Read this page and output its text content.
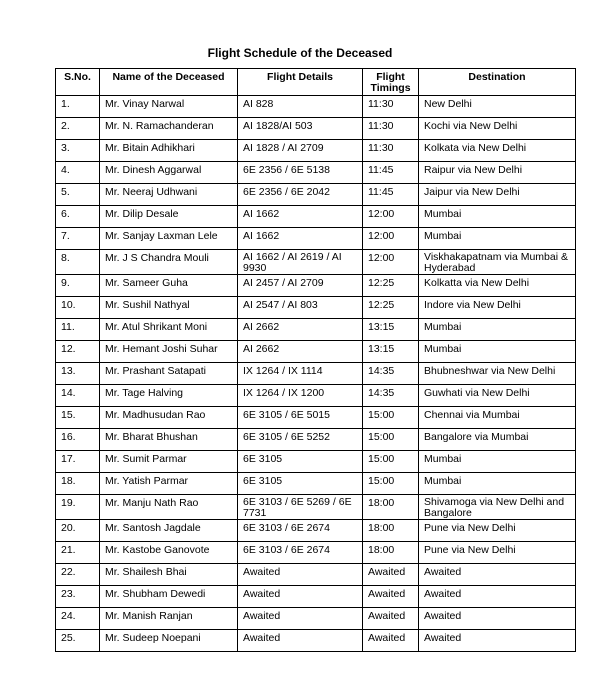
Flight Schedule of the Deceased
S.No.	Name of the Deceased	Flight Details	Flight Timings	Destination
1.	Mr. Vinay Narwal	AI 828	11:30	New Delhi
2.	Mr. N. Ramachanderan	AI 1828/AI 503	11:30	Kochi via New Delhi
3.	Mr. Bitain Adhikhari	AI 1828 / AI 2709	11:30	Kolkata via New Delhi
4.	Mr. Dinesh Aggarwal	6E 2356 / 6E 5138	11:45	Raipur via New Delhi
5.	Mr. Neeraj Udhwani	6E 2356 / 6E 2042	11:45	Jaipur via New Delhi
6.	Mr. Dilip Desale	AI 1662	12:00	Mumbai
7.	Mr. Sanjay Laxman Lele	AI 1662	12:00	Mumbai
8.	Mr. J S Chandra Mouli	AI 1662 / AI 2619 / AI 9930	12:00	Viskhakapatnam via Mumbai & Hyderabad
9.	Mr. Sameer Guha	AI 2457 / AI 2709	12:25	Kolkatta via New Delhi
10.	Mr. Sushil Nathyal	AI 2547 / AI 803	12:25	Indore via New Delhi
11.	Mr. Atul Shrikant Moni	AI 2662	13:15	Mumbai
12.	Mr. Hemant Joshi Suhar	AI 2662	13:15	Mumbai
13.	Mr. Prashant Satapati	IX 1264 / IX 1114	14:35	Bhubneshwar via New Delhi
14.	Mr. Tage Halving	IX 1264 / IX 1200	14:35	Guwhati via New Delhi
15.	Mr. Madhusudan Rao	6E 3105 / 6E 5015	15:00	Chennai via Mumbai
16.	Mr. Bharat Bhushan	6E 3105 / 6E 5252	15:00	Bangalore via Mumbai
17.	Mr. Sumit Parmar	6E 3105	15:00	Mumbai
18.	Mr. Yatish Parmar	6E 3105	15:00	Mumbai
19.	Mr. Manju Nath Rao	6E 3103 / 6E 5269 / 6E 7731	18:00	Shivamoga via New Delhi and Bangalore
20.	Mr. Santosh Jagdale	6E 3103 / 6E 2674	18:00	Pune via New Delhi
21.	Mr. Kastobe Ganovote	6E 3103 / 6E 2674	18:00	Pune via New Delhi
22.	Mr. Shailesh Bhai	Awaited	Awaited	Awaited
23.	Mr. Shubham Dewedi	Awaited	Awaited	Awaited
24.	Mr. Manish Ranjan	Awaited	Awaited	Awaited
25.	Mr. Sudeep Noepani	Awaited	Awaited	Awaited
